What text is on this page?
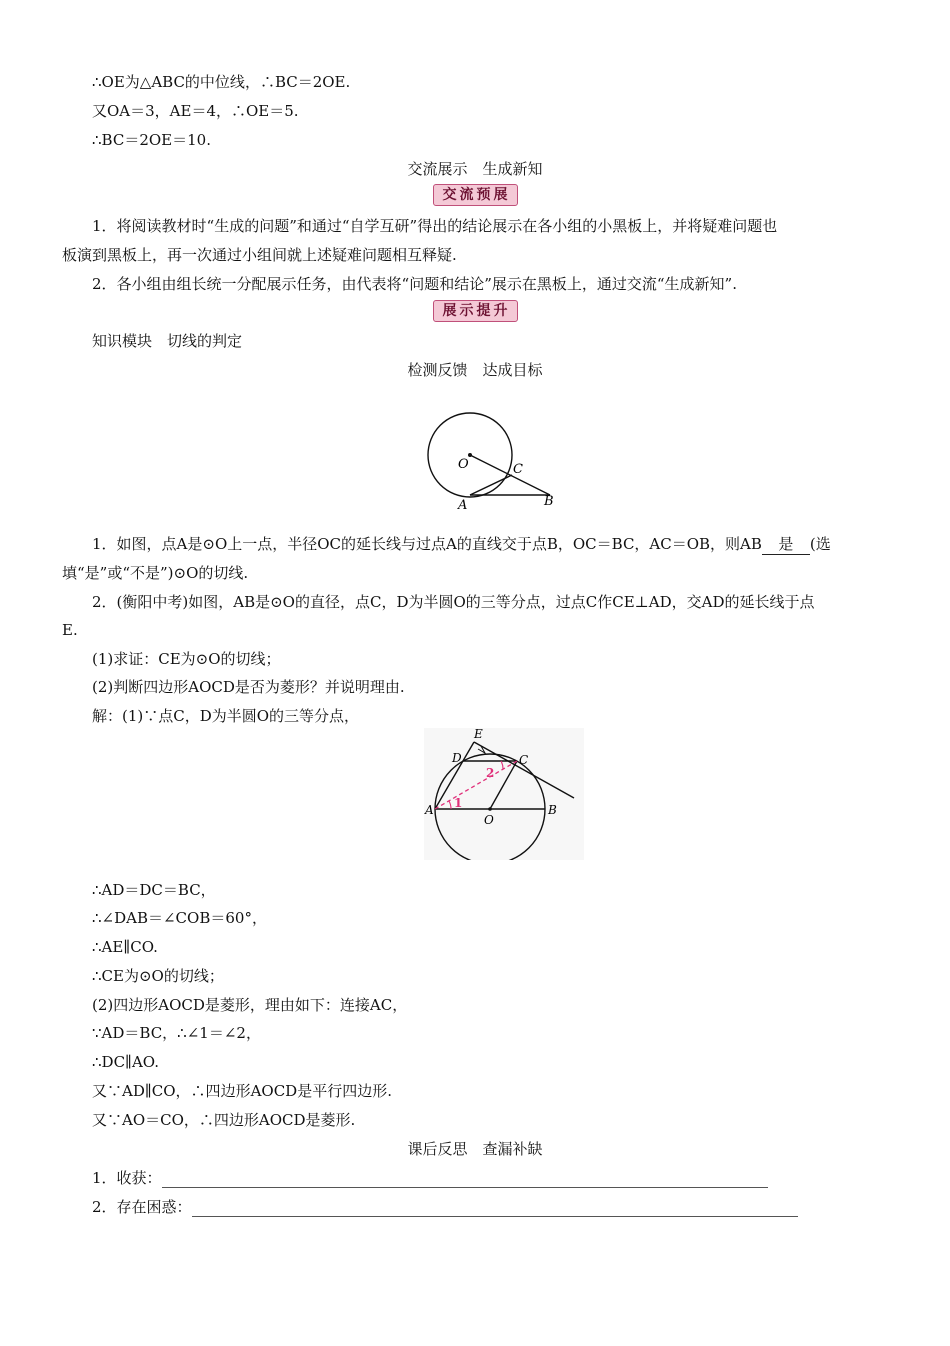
∴OE为△ABC的中位线，∴BC＝2OE.
又OA＝3，AE＝4，∴OE＝5.
∴BC＝2OE＝10.
交流展示　生成新知
交流预展
1．将阅读教材时“生成的问题”和通过“自学互研”得出的结论展示在各小组的小黑板上，并将疑难问题也
板演到黑板上，再一次通过小组间就上述疑难问题相互释疑.
2．各小组由组长统一分配展示任务，由代表将“问题和结论”展示在黑板上，通过交流“生成新知”.
展示提升
知识模块　切线的判定
检测反馈　达成目标
O	C
A	B
1．如图，点A是⊙O上一点，半径OC的延长线与过点A的直线交于点B，OC＝BC，AC＝OB，则AB 是 (选
填“是”或“不是”)⊙O的切线.
2．(衡阳中考)如图，AB是⊙O的直径，点C，D为半圆O的三等分点，过点C作CE⊥AD，交AD的延长线于点
E.
(1)求证：CE为⊙O的切线；
(2)判断四边形AOCD是否为菱形？并说明理由.
解：(1)∵点C，D为半圆O的三等分点，
E
D	C
A
O
B
1
2
∴AD＝DC＝BC，
∴∠DAB＝∠COB＝60°，
∴AE∥CO.
∴CE为⊙O的切线；
(2)四边形AOCD是菱形，理由如下：连接AC，
∵AD＝BC，∴∠1＝∠2，
∴DC∥AO.
又∵AD∥CO，∴四边形AOCD是平行四边形.
又∵AO＝CO，∴四边形AOCD是菱形.
课后反思　查漏补缺
1．收获：
2．存在困惑：
